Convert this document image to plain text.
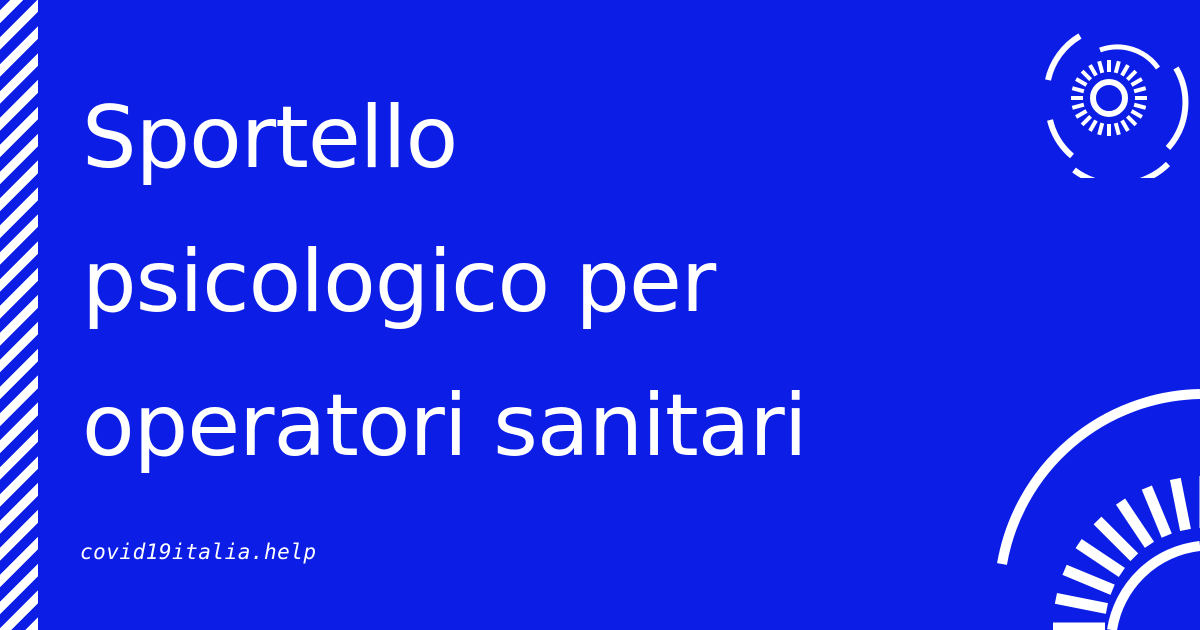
Sportello
psicologico per
operatori sanitari

covid19italia.help
